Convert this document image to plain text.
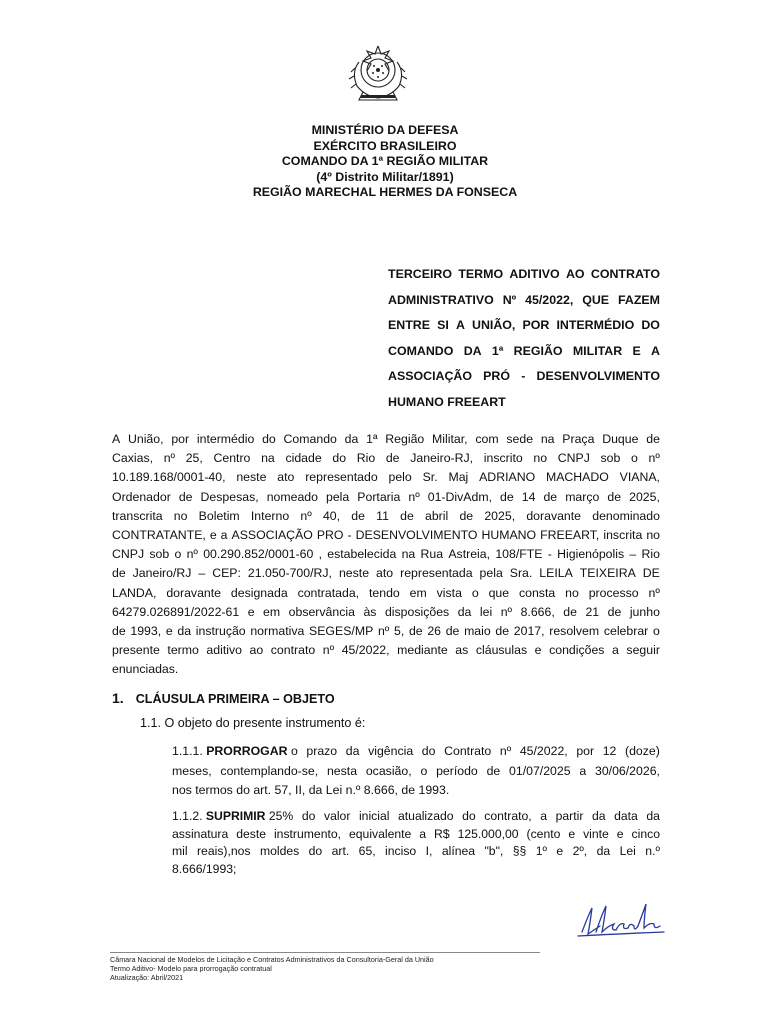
MINISTÉRIO DA DEFESA
EXÉRCITO BRASILEIRO
COMANDO DA 1ª REGIÃO MILITAR
(4º Distrito Militar/1891)
REGIÃO MARECHAL HERMES DA FONSECA
TERCEIRO TERMO ADITIVO AO CONTRATO
ADMINISTRATIVO Nº 45/2022, QUE FAZEM
ENTRE SI A UNIÃO, POR INTERMÉDIO DO
COMANDO DA 1ª REGIÃO MILITAR E A
ASSOCIAÇÃO PRÓ - DESENVOLVIMENTO
HUMANO FREEART
A União, por intermédio do Comando da 1ª Região Militar, com sede na Praça Duque de
Caxias, nº 25, Centro na cidade do Rio de Janeiro-RJ, inscrito no CNPJ sob o nº
10.189.168/0001-40, neste ato representado pelo Sr. Maj ADRIANO MACHADO VIANA,
Ordenador de Despesas, nomeado pela Portaria nº 01-DivAdm, de 14 de março de 2025,
transcrita no Boletim Interno nº 40, de 11 de abril de 2025, doravante denominado
CONTRATANTE, e a ASSOCIAÇÃO PRO - DESENVOLVIMENTO HUMANO FREEART, inscrita no
CNPJ sob o nº 00.290.852/0001-60 , estabelecida na Rua Astreia, 108/FTE - Higienópolis – Rio
de Janeiro/RJ – CEP: 21.050-700/RJ, neste ato representada pela Sra. LEILA TEIXEIRA DE
LANDA, doravante designada contratada, tendo em vista o que consta no processo nº
64279.026891/2022-61 e em observância às disposições da lei nº 8.666, de 21 de junho
de 1993, e da instrução normativa SEGES/MP nº 5, de 26 de maio de 2017, resolvem celebrar o
presente termo aditivo ao contrato nº 45/2022, mediante as cláusulas e condições a seguir
enunciadas.
1. CLÁUSULA PRIMEIRA – OBJETO
1.1. O objeto do presente instrumento é:
1.1.1. PRORROGAR o prazo da vigência do Contrato nº 45/2022, por 12 (doze)
meses, contemplando-se, nesta ocasião, o período de 01/07/2025 a 30/06/2026,
nos termos do art. 57, II, da Lei n.º 8.666, de 1993.
1.1.2. SUPRIMIR 25% do valor inicial atualizado do contrato, a partir da data da
assinatura deste instrumento, equivalente a R$ 125.000,00 (cento e vinte e cinco
mil reais),nos moldes do art. 65, inciso I, alínea "b", §§ 1º e 2º, da Lei n.º
8.666/1993;
Câmara Nacional de Modelos de Licitação e Contratos Administrativos da Consultoria-Geral da União
Termo Aditivo- Modelo para prorrogação contratual
Atualização: Abril/2021
